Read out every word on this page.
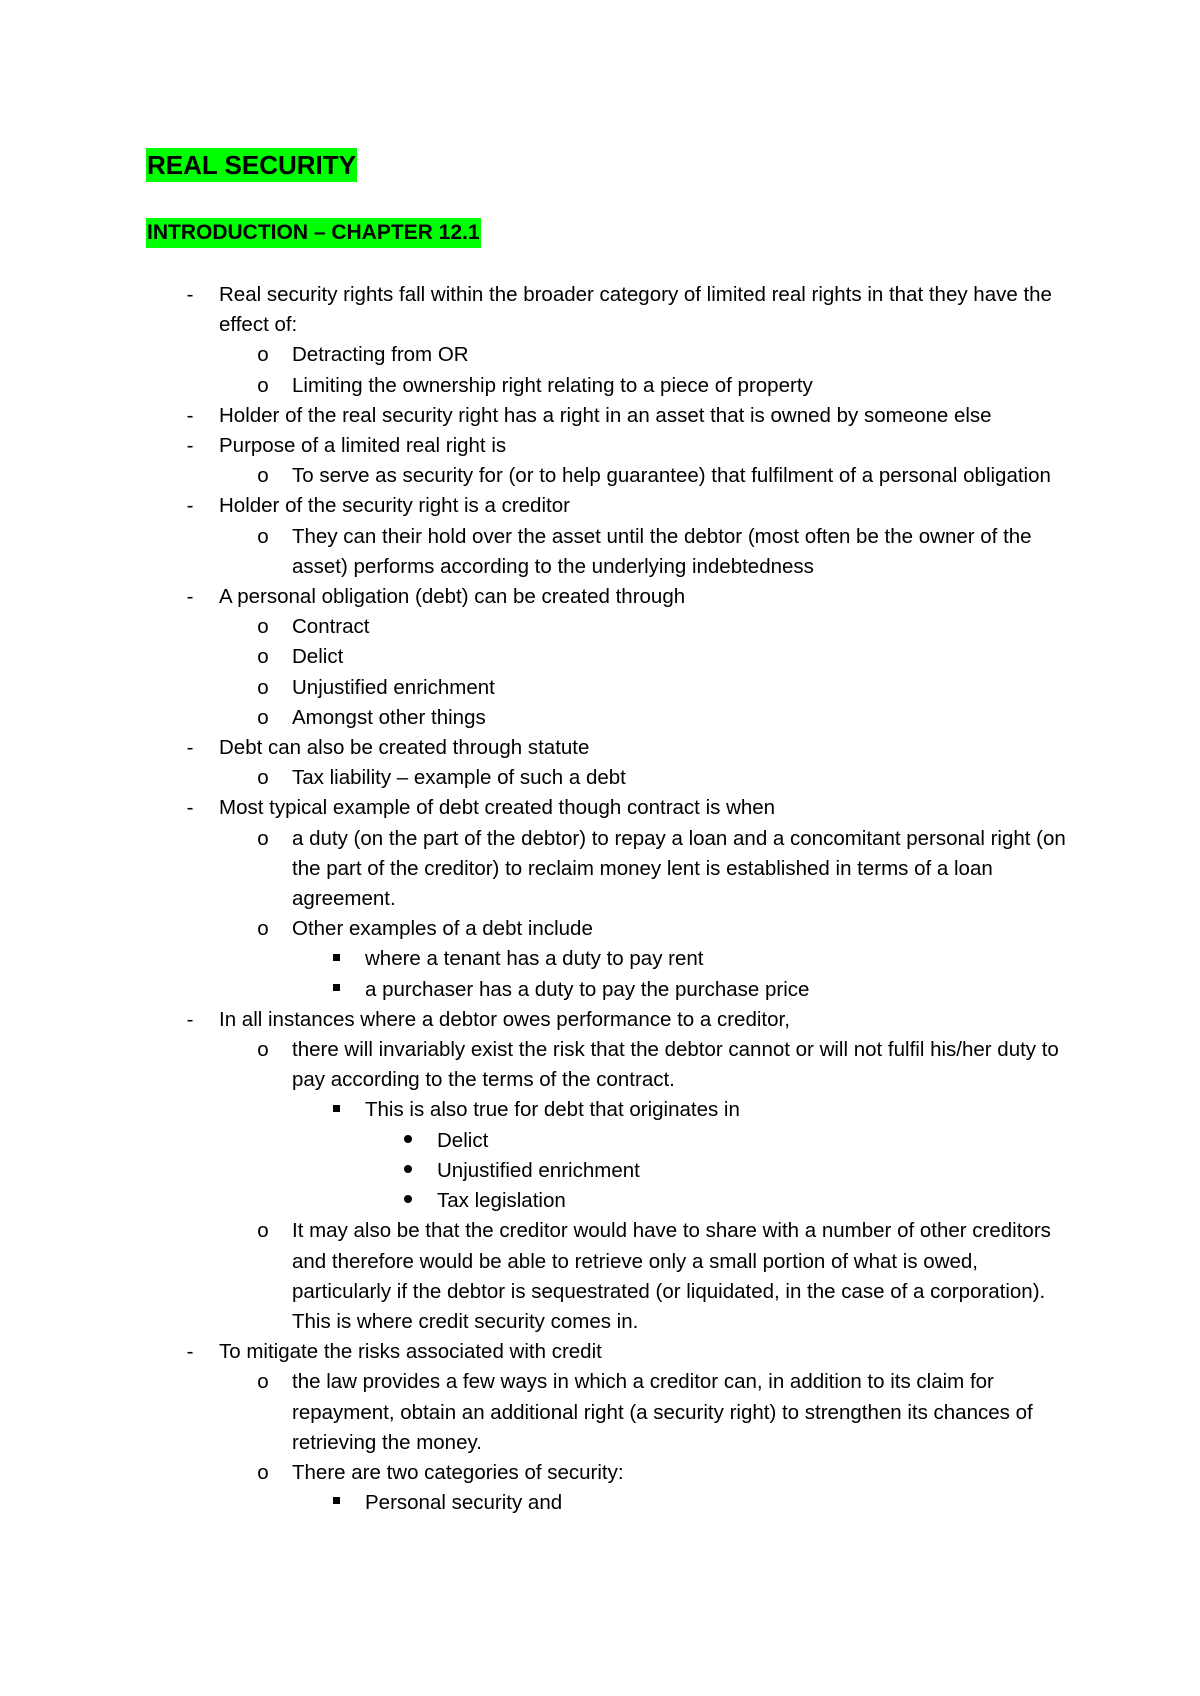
REAL SECURITY
INTRODUCTION – CHAPTER 12.1
-	Real security rights fall within the broader category of limited real rights in that they have the effect of:
o Detracting from OR
o Limiting the ownership right relating to a piece of property
-	Holder of the real security right has a right in an asset that is owned by someone else
-	Purpose of a limited real right is
o To serve as security for (or to help guarantee) that fulfilment of a personal obligation
-	Holder of the security right is a creditor
o They can their hold over the asset until the debtor (most often be the owner of the asset) performs according to the underlying indebtedness
-	A personal obligation (debt) can be created through
o Contract
o Delict
o Unjustified enrichment
o Amongst other things
-	Debt can also be created through statute
o Tax liability – example of such a debt
-	Most typical example of debt created though contract is when
o a duty (on the part of the debtor) to repay a loan and a concomitant personal right (on the part of the creditor) to reclaim money lent is established in terms of a loan agreement.
o Other examples of a debt include
where a tenant has a duty to pay rent
a purchaser has a duty to pay the purchase price
-	In all instances where a debtor owes performance to a creditor,
o there will invariably exist the risk that the debtor cannot or will not fulfil his/her duty to pay according to the terms of the contract.
This is also true for debt that originates in
Delict
Unjustified enrichment
Tax legislation
o It may also be that the creditor would have to share with a number of other creditors and therefore would be able to retrieve only a small portion of what is owed, particularly if the debtor is sequestrated (or liquidated, in the case of a corporation). This is where credit security comes in.
-	To mitigate the risks associated with credit
o the law provides a few ways in which a creditor can, in addition to its claim for repayment, obtain an additional right (a security right) to strengthen its chances of retrieving the money.
o There are two categories of security:
Personal security and
